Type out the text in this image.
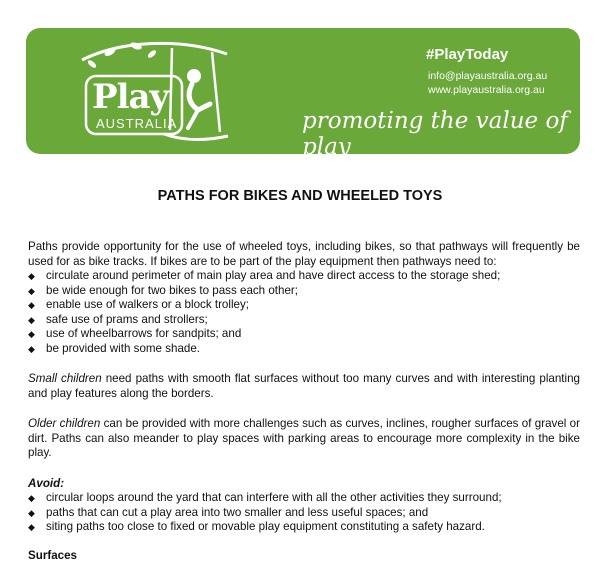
Play
AUSTRALIA
#PlayToday
info@playaustralia.org.au
www.playaustralia.org.au
promoting the value of play
PATHS FOR BIKES AND WHEELED TOYS

Paths provide opportunity for the use of wheeled toys, including bikes, so that pathways will frequently be used for as bike tracks. If bikes are to be part of the play equipment then pathways need to:

◆ circulate around perimeter of main play area and have direct access to the storage shed;
◆ be wide enough for two bikes to pass each other;
◆ enable use of walkers or a block trolley;
◆ safe use of prams and strollers;
◆ use of wheelbarrows for sandpits; and
◆ be provided with some shade.

Small children need paths with smooth flat surfaces without too many curves and with interesting planting and play features along the borders.

Older children can be provided with more challenges such as curves, inclines, rougher surfaces of gravel or dirt. Paths can also meander to play spaces with parking areas to encourage more complexity in the bike play.

Avoid:

◆ circular loops around the yard that can interfere with all the other activities they surround;
◆ paths that can cut a play area into two smaller and less useful spaces; and
◆ siting paths too close to fixed or movable play equipment constituting a safety hazard.

Surfaces
